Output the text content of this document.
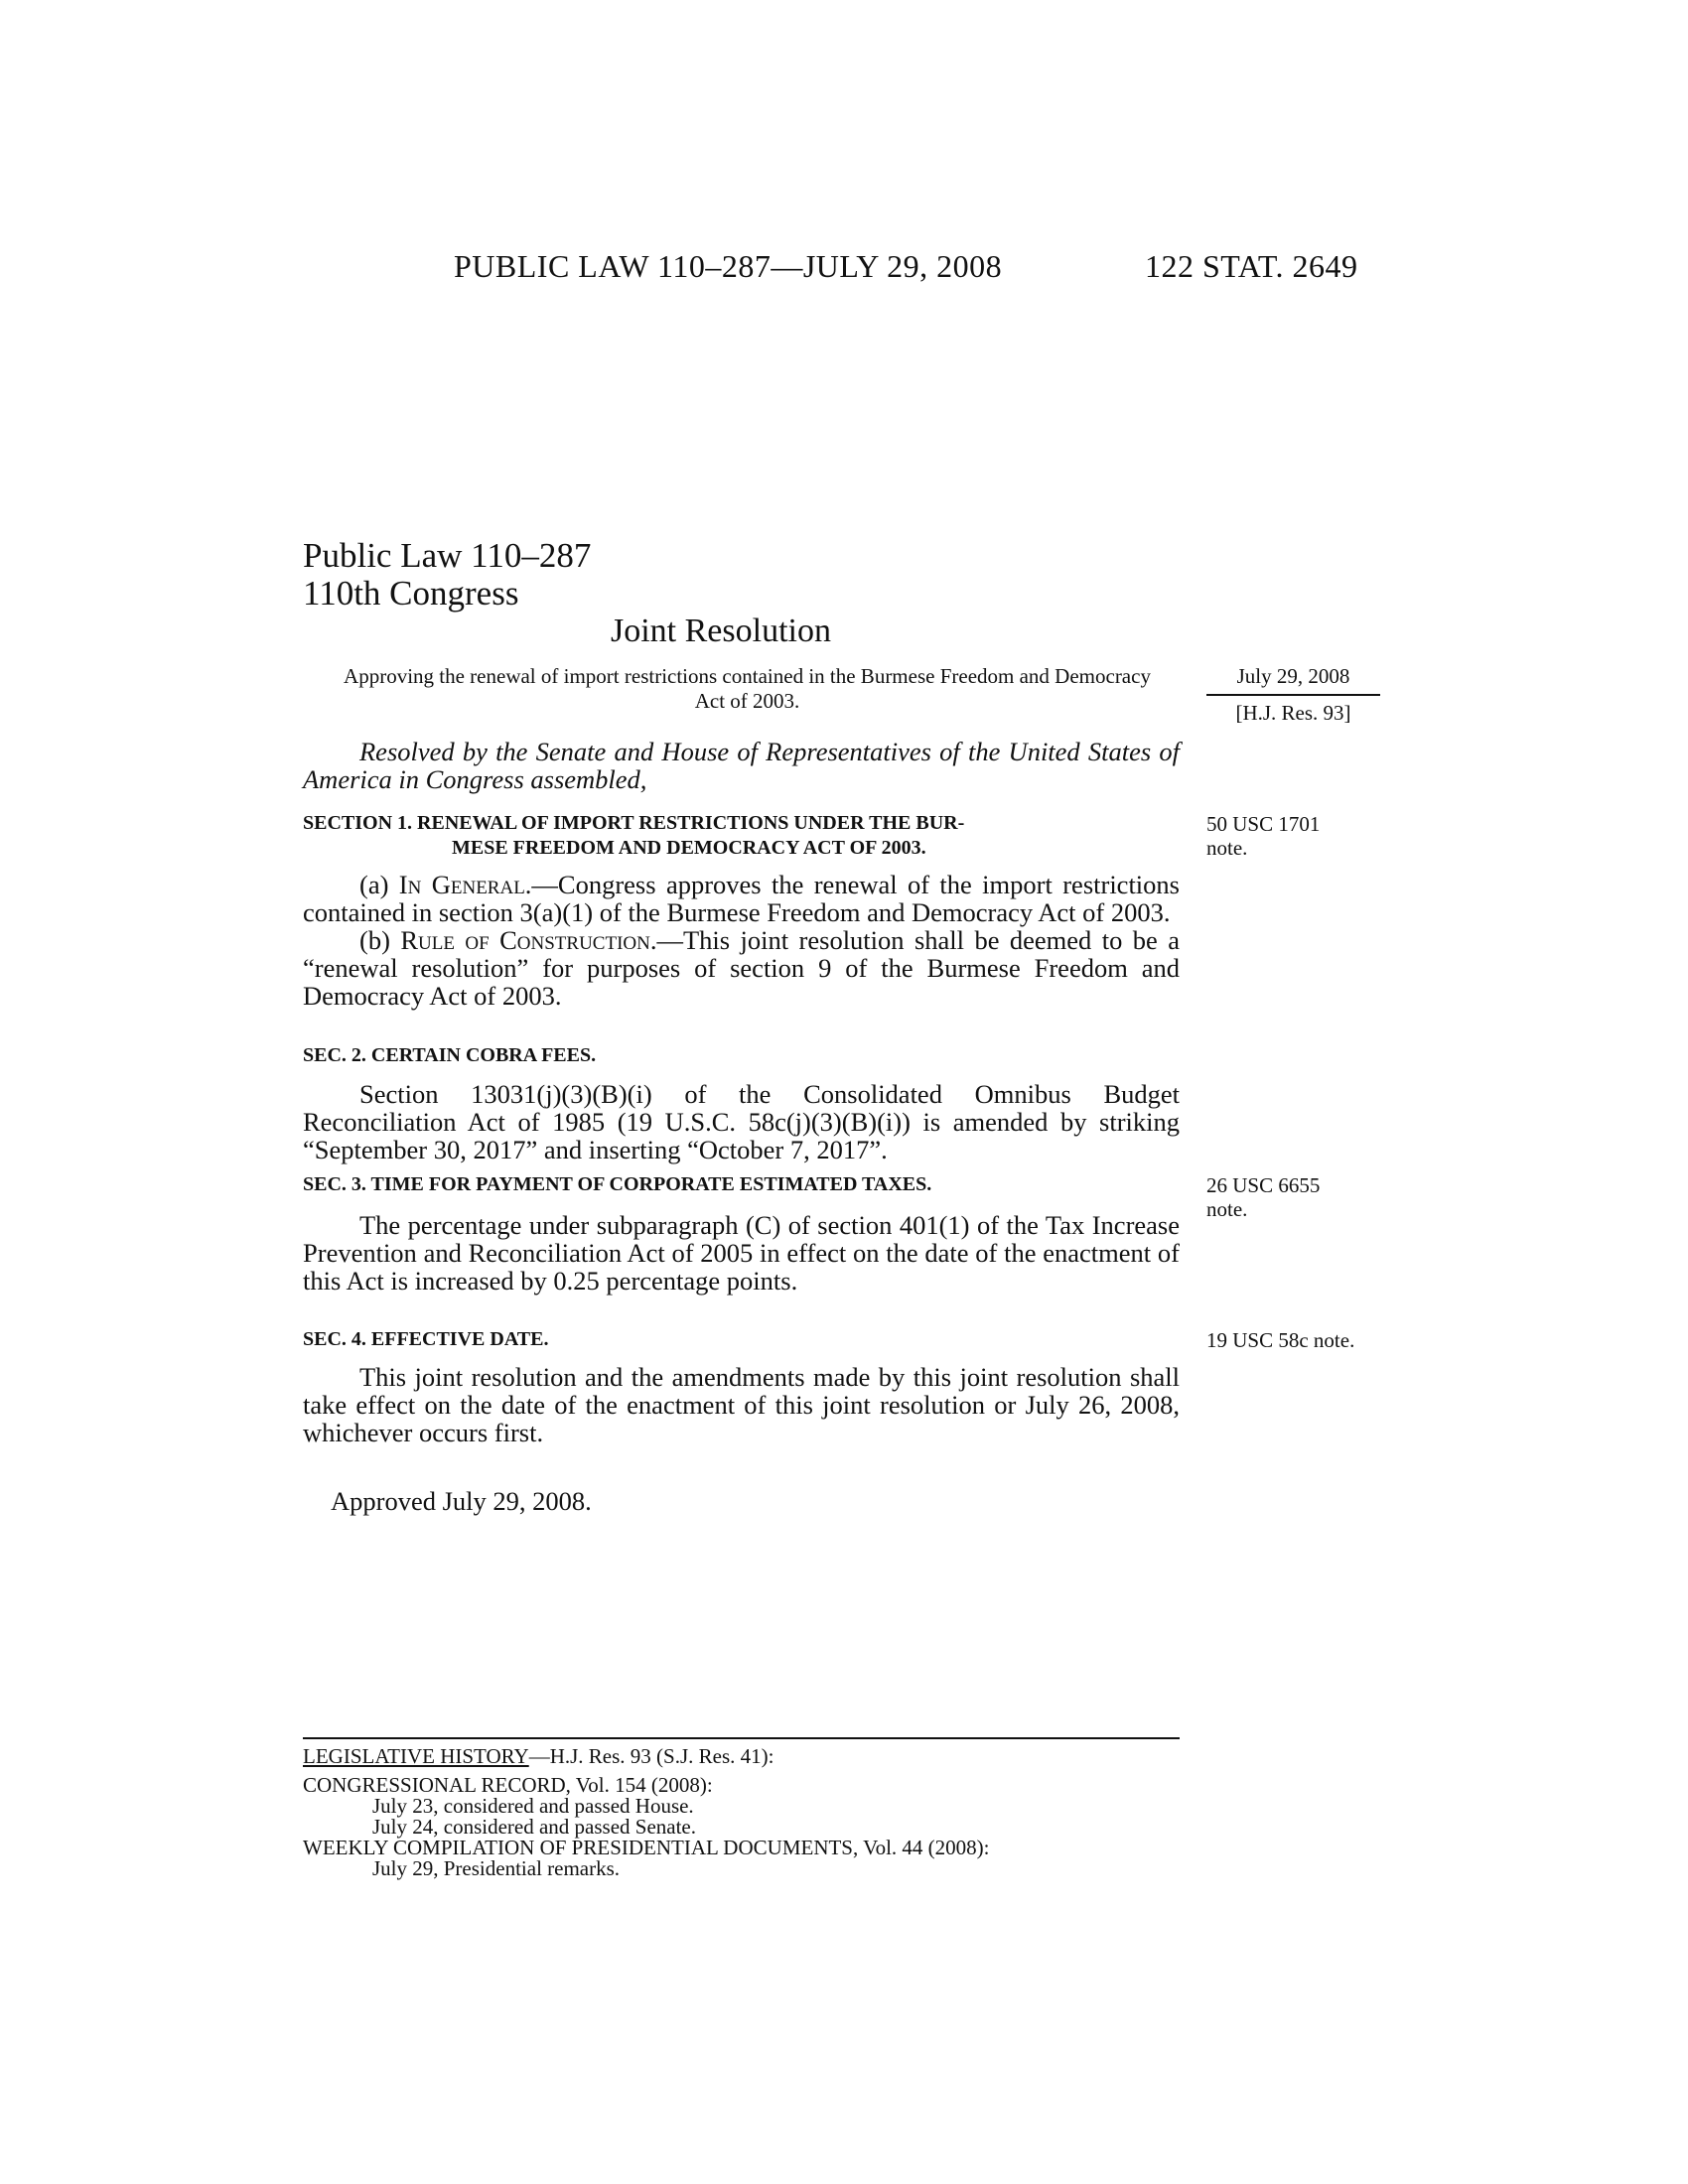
PUBLIC LAW 110–287—JULY 29, 2008	122 STAT. 2649
Public Law 110–287
110th Congress
Joint Resolution
Approving the renewal of import restrictions contained in the Burmese Freedom and Democracy Act of 2003.
July 29, 2008
[H.J. Res. 93]

Resolved by the Senate and House of Representatives of the United States of America in Congress assembled,

SECTION 1. RENEWAL OF IMPORT RESTRICTIONS UNDER THE BUR-
MESE FREEDOM AND DEMOCRACY ACT OF 2003.
50 USC 1701
note.

(a) In General.—Congress approves the renewal of the import restrictions contained in section 3(a)(1) of the Burmese Freedom and Democracy Act of 2003.

(b) Rule of Construction.—This joint resolution shall be deemed to be a “renewal resolution” for purposes of section 9 of the Burmese Freedom and Democracy Act of 2003.

SEC. 2. CERTAIN COBRA FEES.

Section 13031(j)(3)(B)(i) of the Consolidated Omnibus Budget Reconciliation Act of 1985 (19 U.S.C. 58c(j)(3)(B)(i)) is amended by striking “September 30, 2017” and inserting “October 7, 2017”.

SEC. 3. TIME FOR PAYMENT OF CORPORATE ESTIMATED TAXES.	26 USC 6655
note.

The percentage under subparagraph (C) of section 401(1) of the Tax Increase Prevention and Reconciliation Act of 2005 in effect on the date of the enactment of this Act is increased by 0.25 percentage points.

SEC. 4. EFFECTIVE DATE.	19 USC 58c note.

This joint resolution and the amendments made by this joint resolution shall take effect on the date of the enactment of this joint resolution or July 26, 2008, whichever occurs first.

Approved July 29, 2008.
LEGISLATIVE HISTORY—H.J. Res. 93 (S.J. Res. 41):
CONGRESSIONAL RECORD, Vol. 154 (2008):
July 23, considered and passed House.
July 24, considered and passed Senate.
WEEKLY COMPILATION OF PRESIDENTIAL DOCUMENTS, Vol. 44 (2008):
July 29, Presidential remarks.
